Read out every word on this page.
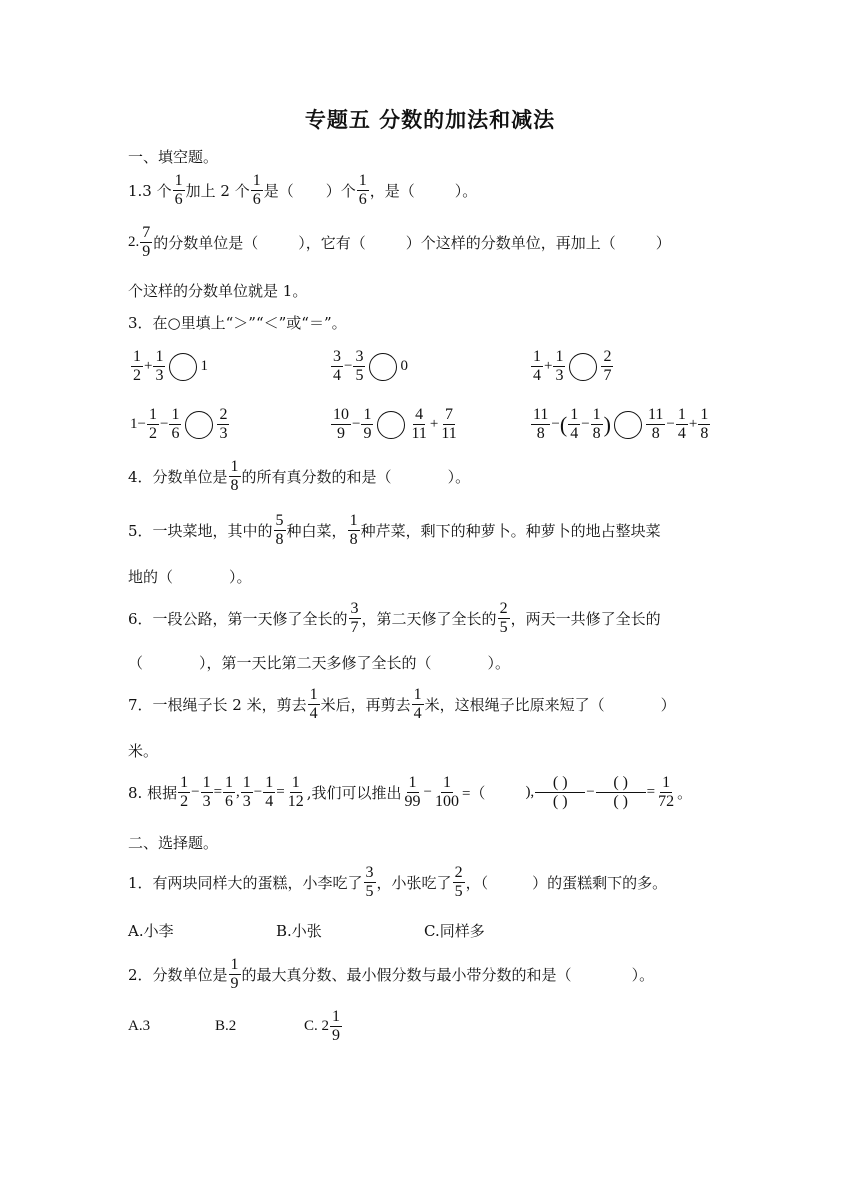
专题五 分数的加法和减法
一、填空题。
1.3 个 $\frac{1}{6}$ 加上 2 个 $\frac{1}{6}$ 是（ ）个 $\frac{1}{6}$ ，是（	）。
2. $\frac{7}{9}$ 的分数单位是（	），它有（	）个这样的分数单位，再加上（	）
个这样的分数单位就是 1。
3．在○里填上“＞”“＜”或“＝”。
$\frac{1}{2} + \frac{1}{3} 1$	$\frac{3}{4} - \frac{3}{5} 0$	$\frac{1}{4} + \frac{1}{3} \frac{2}{7}$
$1- \frac{1}{2} - \frac{1}{6} \frac{2}{3}$	$\frac{10}{9} - \frac{1}{9} \frac{4}{11} + \frac{7}{11}$	$\frac{11}{8}$ − ( $\frac{1}{4} - \frac{1}{8}$ ) $\frac{11}{8} - \frac{1}{4} + \frac{1}{8}$
4．分数单位是 $\frac{1}{8}$ 的所有真分数的和是（	）。
5．一块菜地，其中的 $\frac{5}{8}$ 种白菜， $\frac{1}{8}$ 种芹菜，剩下的种萝卜。种萝卜的地占整块菜
地的（	）。
6．一段公路，第一天修了全长的 $\frac{3}{7}$ ，第二天修了全长的 $\frac{2}{5}$ ，两天一共修了全长的
（	），第一天比第二天多修了全长的（	）。
7．一根绳子长 2 米，剪去 $\frac{1}{4}$ 米后，再剪去 $\frac{1}{4}$ 米，这根绳子比原来短了（	）
米。
8. 根据 $\frac{1}{2} - \frac{1}{3} = \frac{1}{6}$ , $\frac{1}{3} - \frac{1}{4} = \frac{1}{12}$ ,我们可以推出 $\frac{1}{99} - \frac{1}{100}$ =（	), $\frac{( )}{( )} - \frac{( )}{( )} = \frac{1}{72}$ 。
二、选择题。
1．有两块同样大的蛋糕，小李吃了 $\frac{3}{5}$ ，小张吃了 $\frac{2}{5}$ ，（	）的蛋糕剩下的多。
A.小李	B.小张	C.同样多
2．分数单位是 $\frac{1}{9}$ 的最大真分数、最小假分数与最小带分数的和是（	）。
A.3	B.2	C. $2 \frac{1}{9}$
